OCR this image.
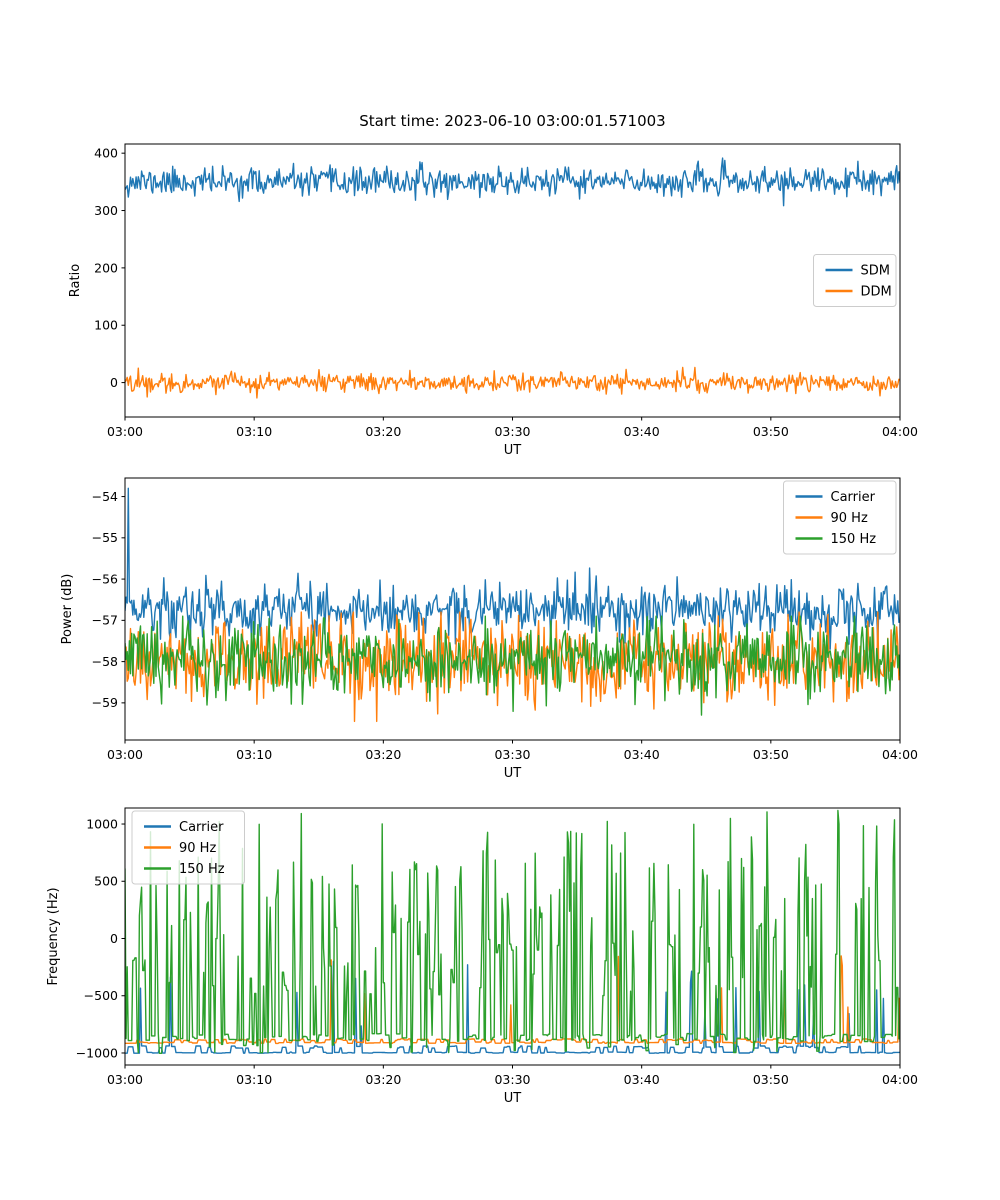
Start time: 2023-06-10 03:00:01.571003
0
100
200
300
400
03:00	03:10	03:20	03:30	03:40	03:50	04:00
UT
Ratio	SDM
DDM
−54
−55
−56
−57
−58
−59
03:00	03:10	03:20	03:30	03:40	03:50	04:00
UT
Power (dB)
Carrier
90 Hz
150 Hz
−1000
−500
0
500
1000
03:00	03:10	03:20	03:30	03:40	03:50	04:00
UT
Frequency (Hz)
Carrier
90 Hz
150 Hz
